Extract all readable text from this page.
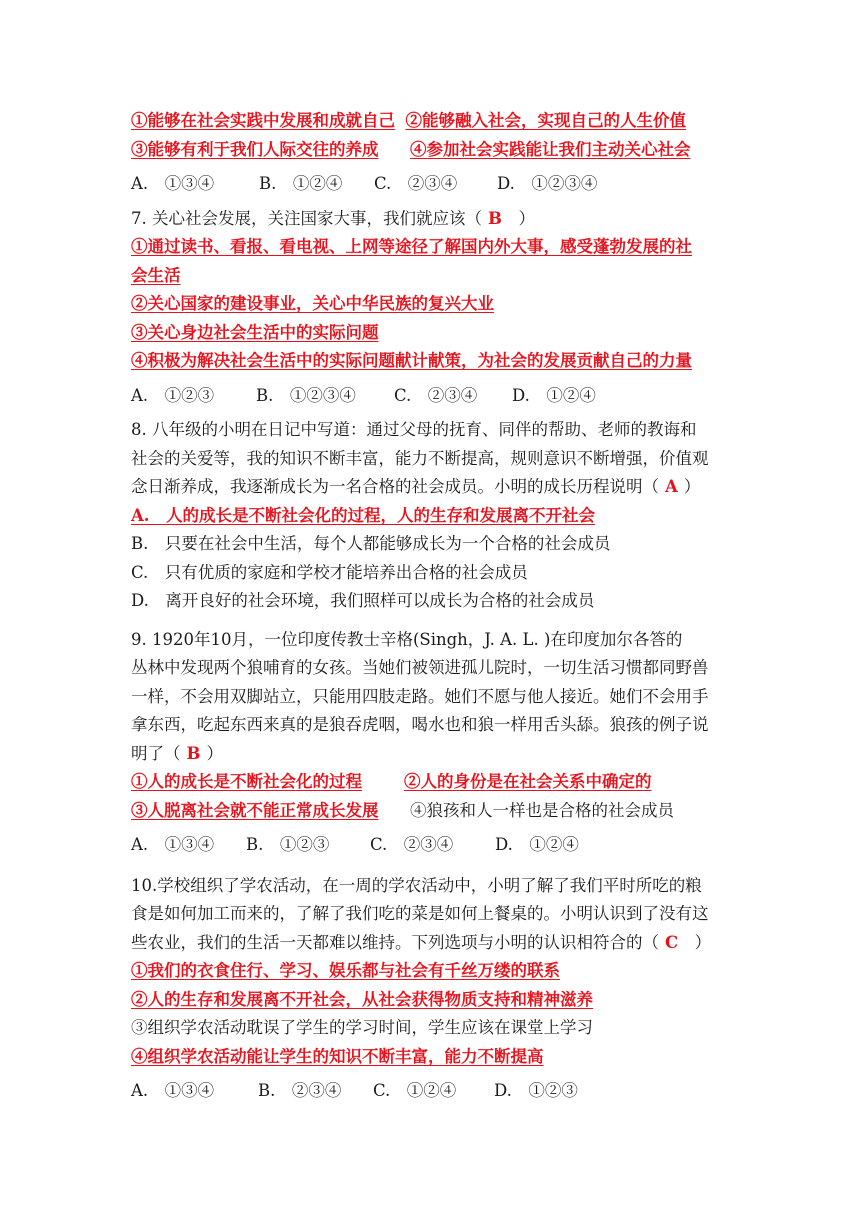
①能够在社会实践中发展和成就自己 ②能够融入社会，实现自己的人生价值
③能够有利于我们人际交往的养成 ④参加社会实践能让我们主动关心社会
A.　①③④	B.　①②④ C.　②③④ D.　①②③④
7. 关心社会发展，关注国家大事，我们就应该（ B ）
①通过读书、看报、看电视、上网等途径了解国内外大事，感受蓬勃发展的社
会生活
②关心国家的建设事业，关心中华民族的复兴大业
③关心身边社会生活中的实际问题
④积极为解决社会生活中的实际问题献计献策，为社会的发展贡献自己的力量
A.　①②③	B.　①②③④ C.　②③④ D.　①②④
8. 八年级的小明在日记中写道：通过父母的抚育、同伴的帮助、老师的教诲和
社会的关爱等，我的知识不断丰富，能力不断提高，规则意识不断增强，价值观
念日渐养成，我逐渐成长为一名合格的社会成员。小明的成长历程说明（ A ）
A.　人的成长是不断社会化的过程，人的生存和发展离不开社会
B.　只要在社会中生活，每个人都能够成长为一个合格的社会成员
C.　只有优质的家庭和学校才能培养出合格的社会成员
D.　离开良好的社会环境，我们照样可以成长为合格的社会成员
9. 1920年10月，一位印度传教士辛格(Singh，J. A. L. )在印度加尔各答的
丛林中发现两个狼哺育的女孩。当她们被领进孤儿院时，一切生活习惯都同野兽
一样，不会用双脚站立，只能用四肢走路。她们不愿与他人接近。她们不会用手
拿东西，吃起东西来真的是狼吞虎咽，喝水也和狼一样用舌头舔。狼孩的例子说
明了（ B ）
①人的成长是不断社会化的过程	②人的身份是在社会关系中确定的
③人脱离社会就不能正常成长发展 ④狼孩和人一样也是合格的社会成员
A.　①③④ B.　①②③ C.　②③④	D.　①②④
10.学校组织了学农活动，在一周的学农活动中，小明了解了我们平时所吃的粮
食是如何加工而来的，了解了我们吃的菜是如何上餐桌的。小明认识到了没有这
些农业，我们的生活一天都难以维持。下列选项与小明的认识相符合的（ C ）
①我们的衣食住行、学习、娱乐都与社会有千丝万缕的联系
②人的生存和发展离不开社会，从社会获得物质支持和精神滋养
③组织学农活动耽误了学生的学习时间，学生应该在课堂上学习
④组织学农活动能让学生的知识不断丰富，能力不断提高
A.　①③④	B.　②③④ C.　①②④ D.　①②③
